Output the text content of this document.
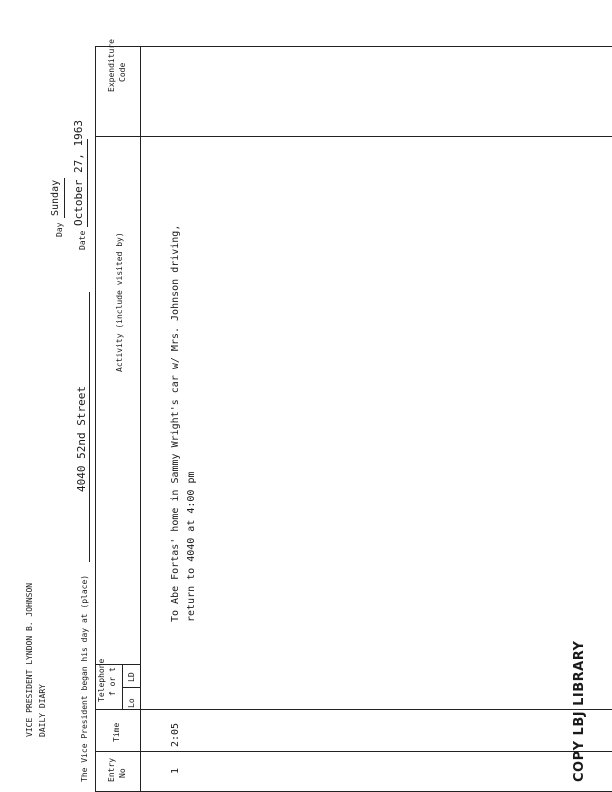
VICE PRESIDENT LYNDON B. JOHNSON DAILY DIARY	The Vice President began his day at (place)
4040 52nd Street
Day
Sunday
Date
October 27, 1963
Expenditure Code
Activity (include visited by)
Telephone f or t
Lo
LD
Time
Entry No	1
2:05
To Abe Fortas' home in Sammy Wright's car w/ Mrs. Johnson driving, return to 4040 at 4:00 pm
COPY LBJ LIBRARY
